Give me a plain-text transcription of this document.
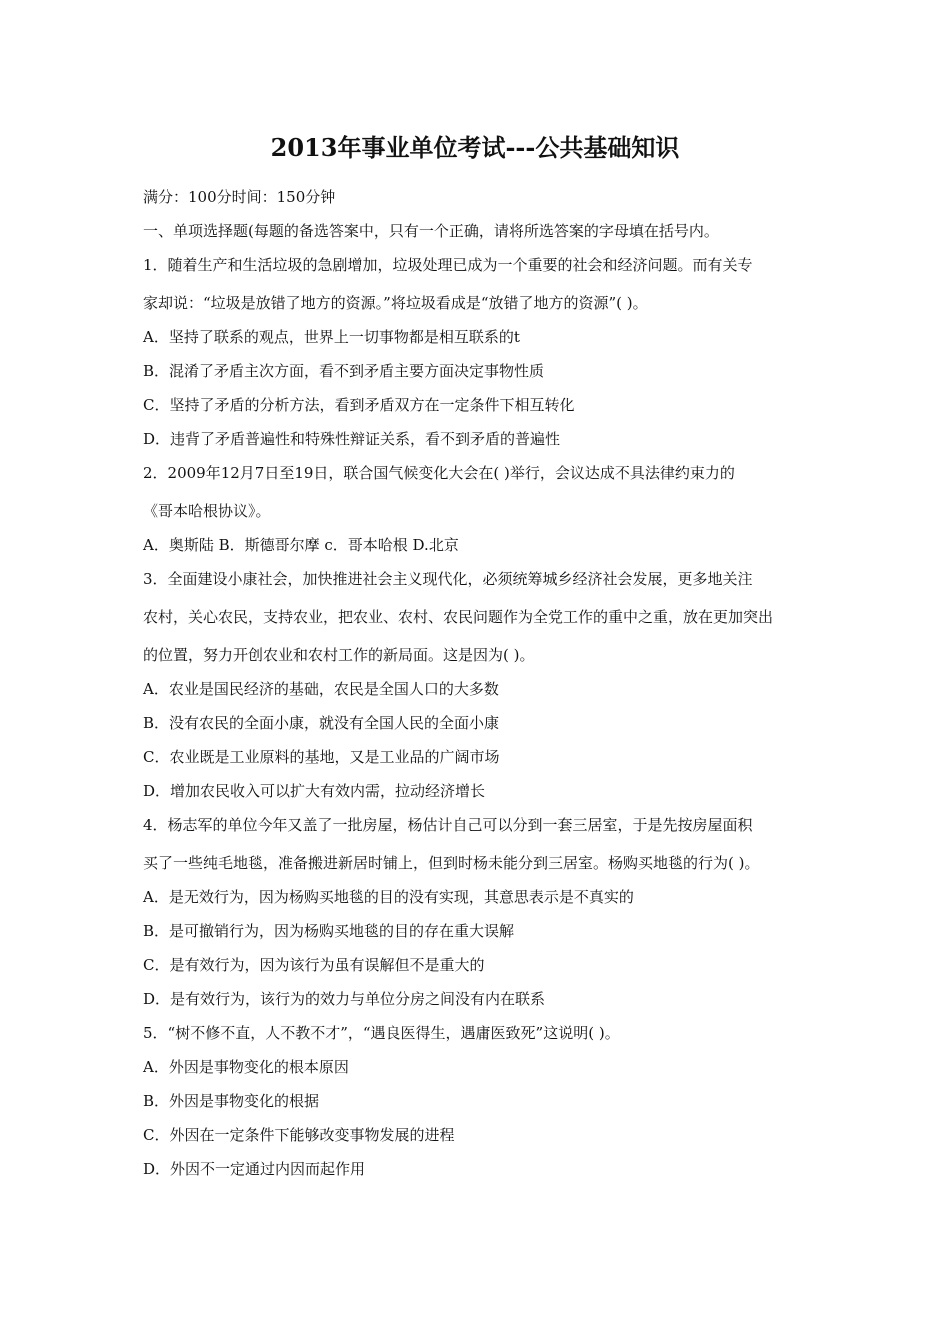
2013年事业单位考试---公共基础知识

满分：100分时间：150分钟

一、单项选择题(每题的备选答案中，只有一个正确，请将所选答案的字母填在括号内。

1．随着生产和生活垃圾的急剧增加，垃圾处理已成为一个重要的社会和经济问题。而有关专

家却说：“垃圾是放错了地方的资源。”将垃圾看成是“放错了地方的资源”( )。

A．坚持了联系的观点，世界上一切事物都是相互联系的t

B．混淆了矛盾主次方面，看不到矛盾主要方面决定事物性质

C．坚持了矛盾的分析方法，看到矛盾双方在一定条件下相互转化

D．违背了矛盾普遍性和特殊性辩证关系，看不到矛盾的普遍性

2．2009年12月7日至19日，联合国气候变化大会在( )举行，会议达成不具法律约束力的

《哥本哈根协议》。

A．奥斯陆 B．斯德哥尔摩 c．哥本哈根 D.北京

3．全面建设小康社会，加快推进社会主义现代化，必须统筹城乡经济社会发展，更多地关注

农村，关心农民，支持农业，把农业、农村、农民问题作为全党工作的重中之重，放在更加突出

的位置，努力开创农业和农村工作的新局面。这是因为( )。

A．农业是国民经济的基础，农民是全国人口的大多数

B．没有农民的全面小康，就没有全国人民的全面小康

C．农业既是工业原料的基地，又是工业品的广阔市场

D．增加农民收入可以扩大有效内需，拉动经济增长

4．杨志军的单位今年又盖了一批房屋，杨估计自己可以分到一套三居室，于是先按房屋面积

买了一些纯毛地毯，准备搬进新居时铺上，但到时杨未能分到三居室。杨购买地毯的行为( )。

A．是无效行为，因为杨购买地毯的目的没有实现，其意思表示是不真实的

B．是可撤销行为，因为杨购买地毯的目的存在重大误解

C．是有效行为，因为该行为虽有误解但不是重大的

D．是有效行为，该行为的效力与单位分房之间没有内在联系

5．“树不修不直，人不教不才”，“遇良医得生，遇庸医致死”这说明( )。

A．外因是事物变化的根本原因

B．外因是事物变化的根据

C．外因在一定条件下能够改变事物发展的进程

D．外因不一定通过内因而起作用
